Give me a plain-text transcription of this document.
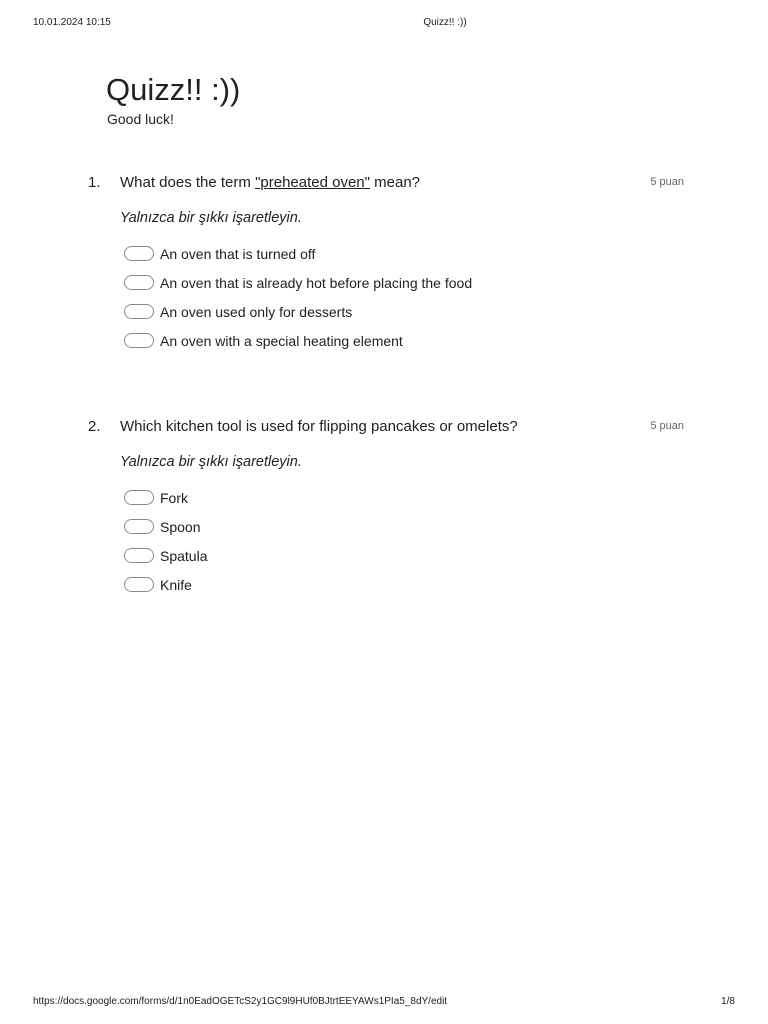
10.01.2024 10:15	Quizz!! :))
Quizz!! :))
Good luck!
1. What does the term "preheated oven" mean?	5 puan
Yalnızca bir şıkkı işaretleyin.
An oven that is turned off
An oven that is already hot before placing the food
An oven used only for desserts
An oven with a special heating element
2. Which kitchen tool is used for flipping pancakes or omelets?	5 puan
Yalnızca bir şıkkı işaretleyin.
Fork
Spoon
Spatula
Knife
https://docs.google.com/forms/d/1n0EadOGETcS2y1GC9l9HUf0BJtrtEEYAWs1PIa5_8dY/edit	1/8
